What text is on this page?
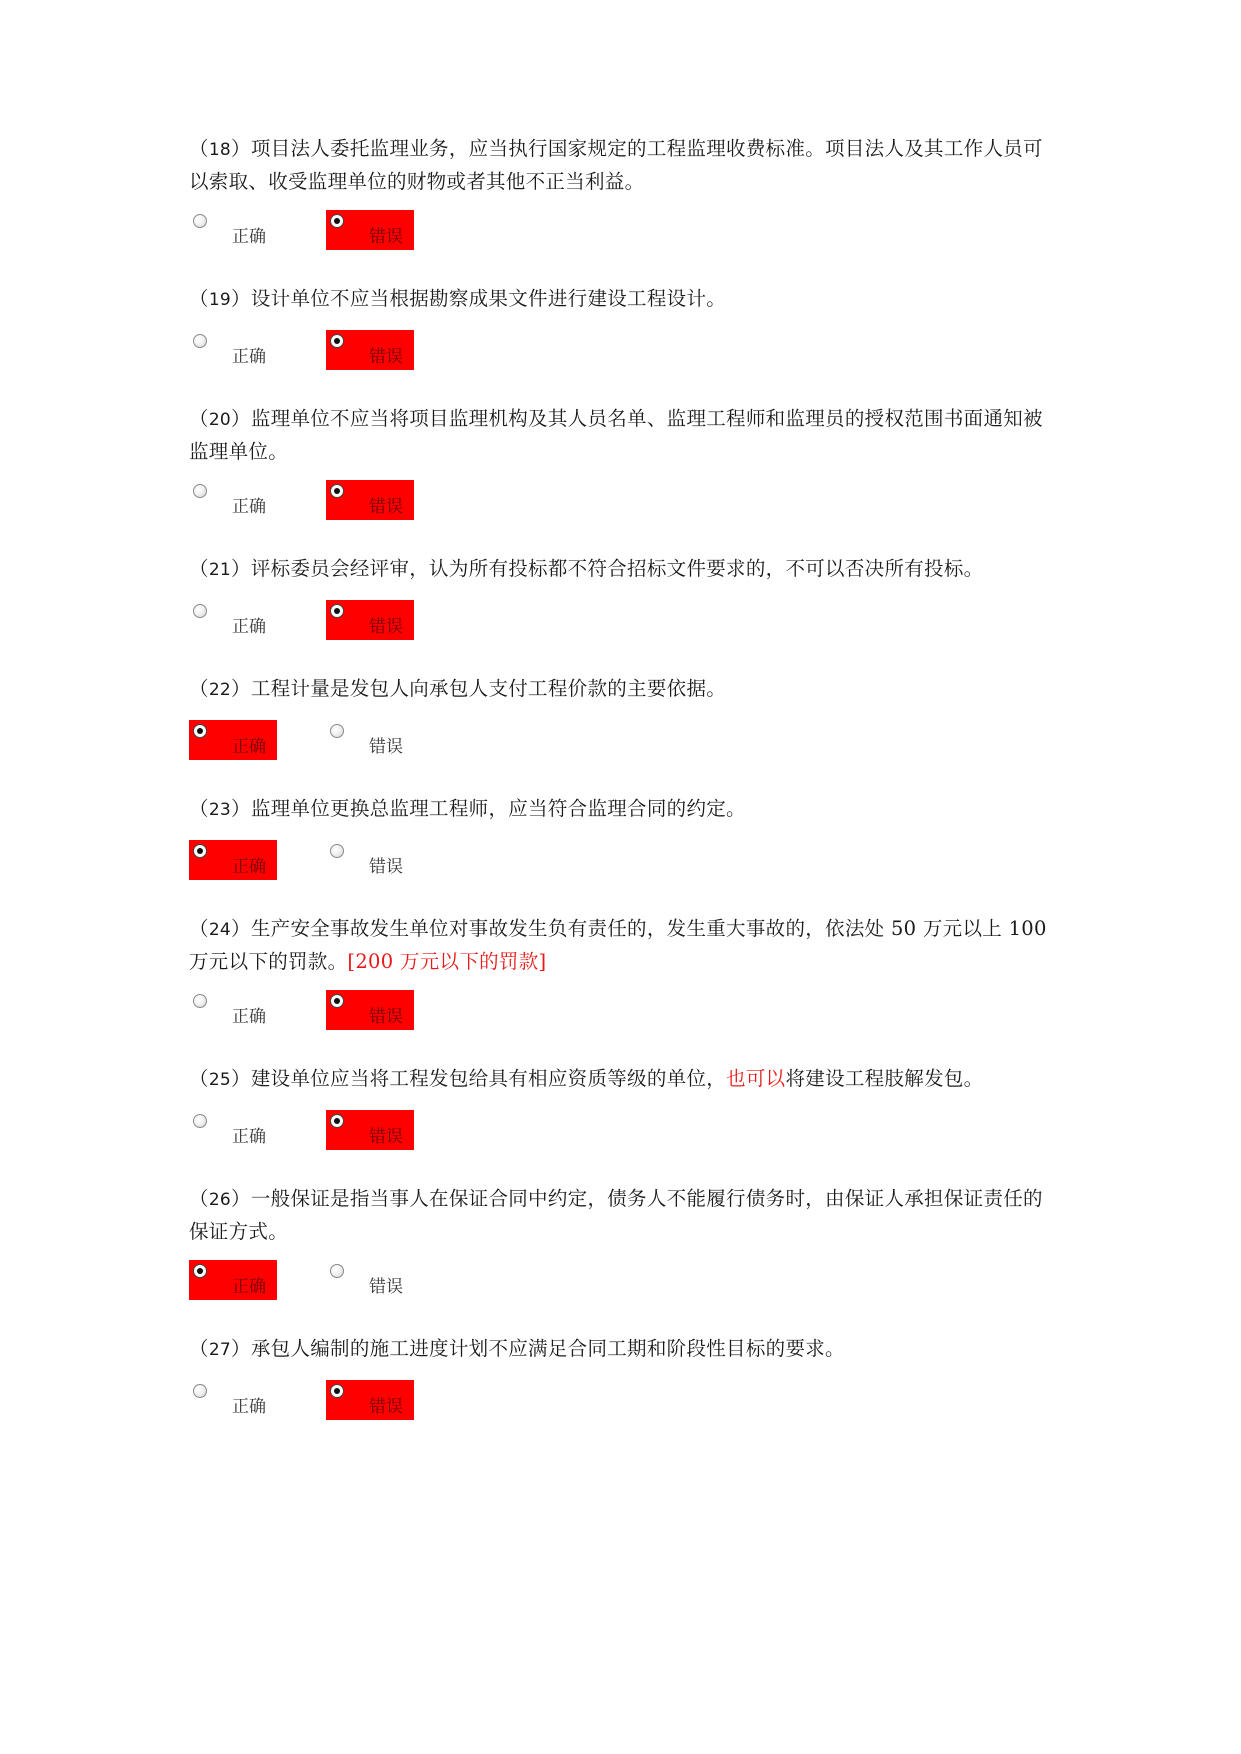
（18）项目法人委托监理业务，应当执行国家规定的工程监理收费标准。项目法人及其工作人员可以索取、收受监理单位的财物或者其他不正当利益。

正确	错误

（19）设计单位不应当根据勘察成果文件进行建设工程设计。

正确	错误

（20）监理单位不应当将项目监理机构及其人员名单、监理工程师和监理员的授权范围书面通知被监理单位。

正确	错误

（21）评标委员会经评审，认为所有投标都不符合招标文件要求的，不可以否决所有投标。

正确	错误

（22）工程计量是发包人向承包人支付工程价款的主要依据。

正确	错误

（23）监理单位更换总监理工程师，应当符合监理合同的约定。

正确	错误

（24）生产安全事故发生单位对事故发生负有责任的，发生重大事故的，依法处 50 万元以上 100 万元以下的罚款。[200 万元以下的罚款]

正确	错误

（25）建设单位应当将工程发包给具有相应资质等级的单位，也可以将建设工程肢解发包。

正确	错误

（26）一般保证是指当事人在保证合同中约定，债务人不能履行债务时，由保证人承担保证责任的保证方式。

正确	错误

（27）承包人编制的施工进度计划不应满足合同工期和阶段性目标的要求。

正确	错误
